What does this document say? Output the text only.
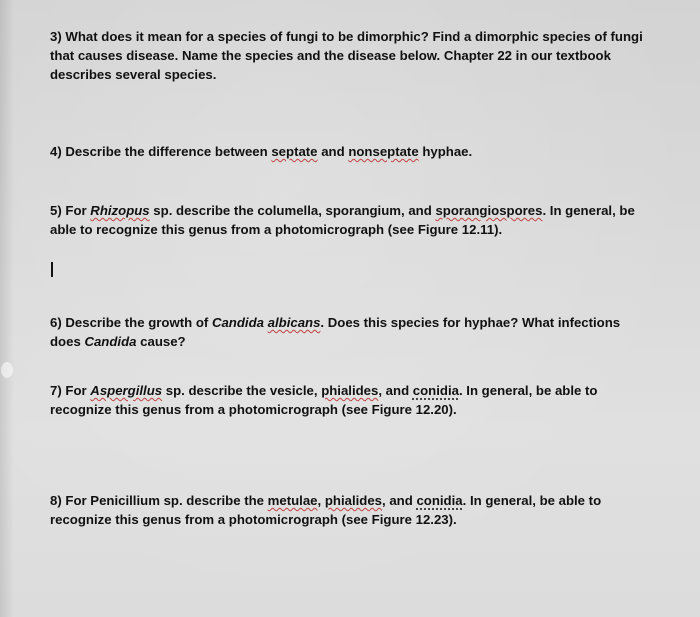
3) What does it mean for a species of fungi to be dimorphic? Find a dimorphic species of fungi
that causes disease. Name the species and the disease below. Chapter 22 in our textbook
describes several species.
4) Describe the difference between septate and nonseptate hyphae.
5) For Rhizopus sp. describe the columella, sporangium, and sporangiospores. In general, be
able to recognize this genus from a photomicrograph (see Figure 12.11).
6) Describe the growth of Candida albicans. Does this species for hyphae? What infections
does Candida cause?
7) For Aspergillus sp. describe the vesicle, phialides, and conidia. In general, be able to
recognize this genus from a photomicrograph (see Figure 12.20).
8) For Penicillium sp. describe the metulae, phialides, and conidia. In general, be able to
recognize this genus from a photomicrograph (see Figure 12.23).
